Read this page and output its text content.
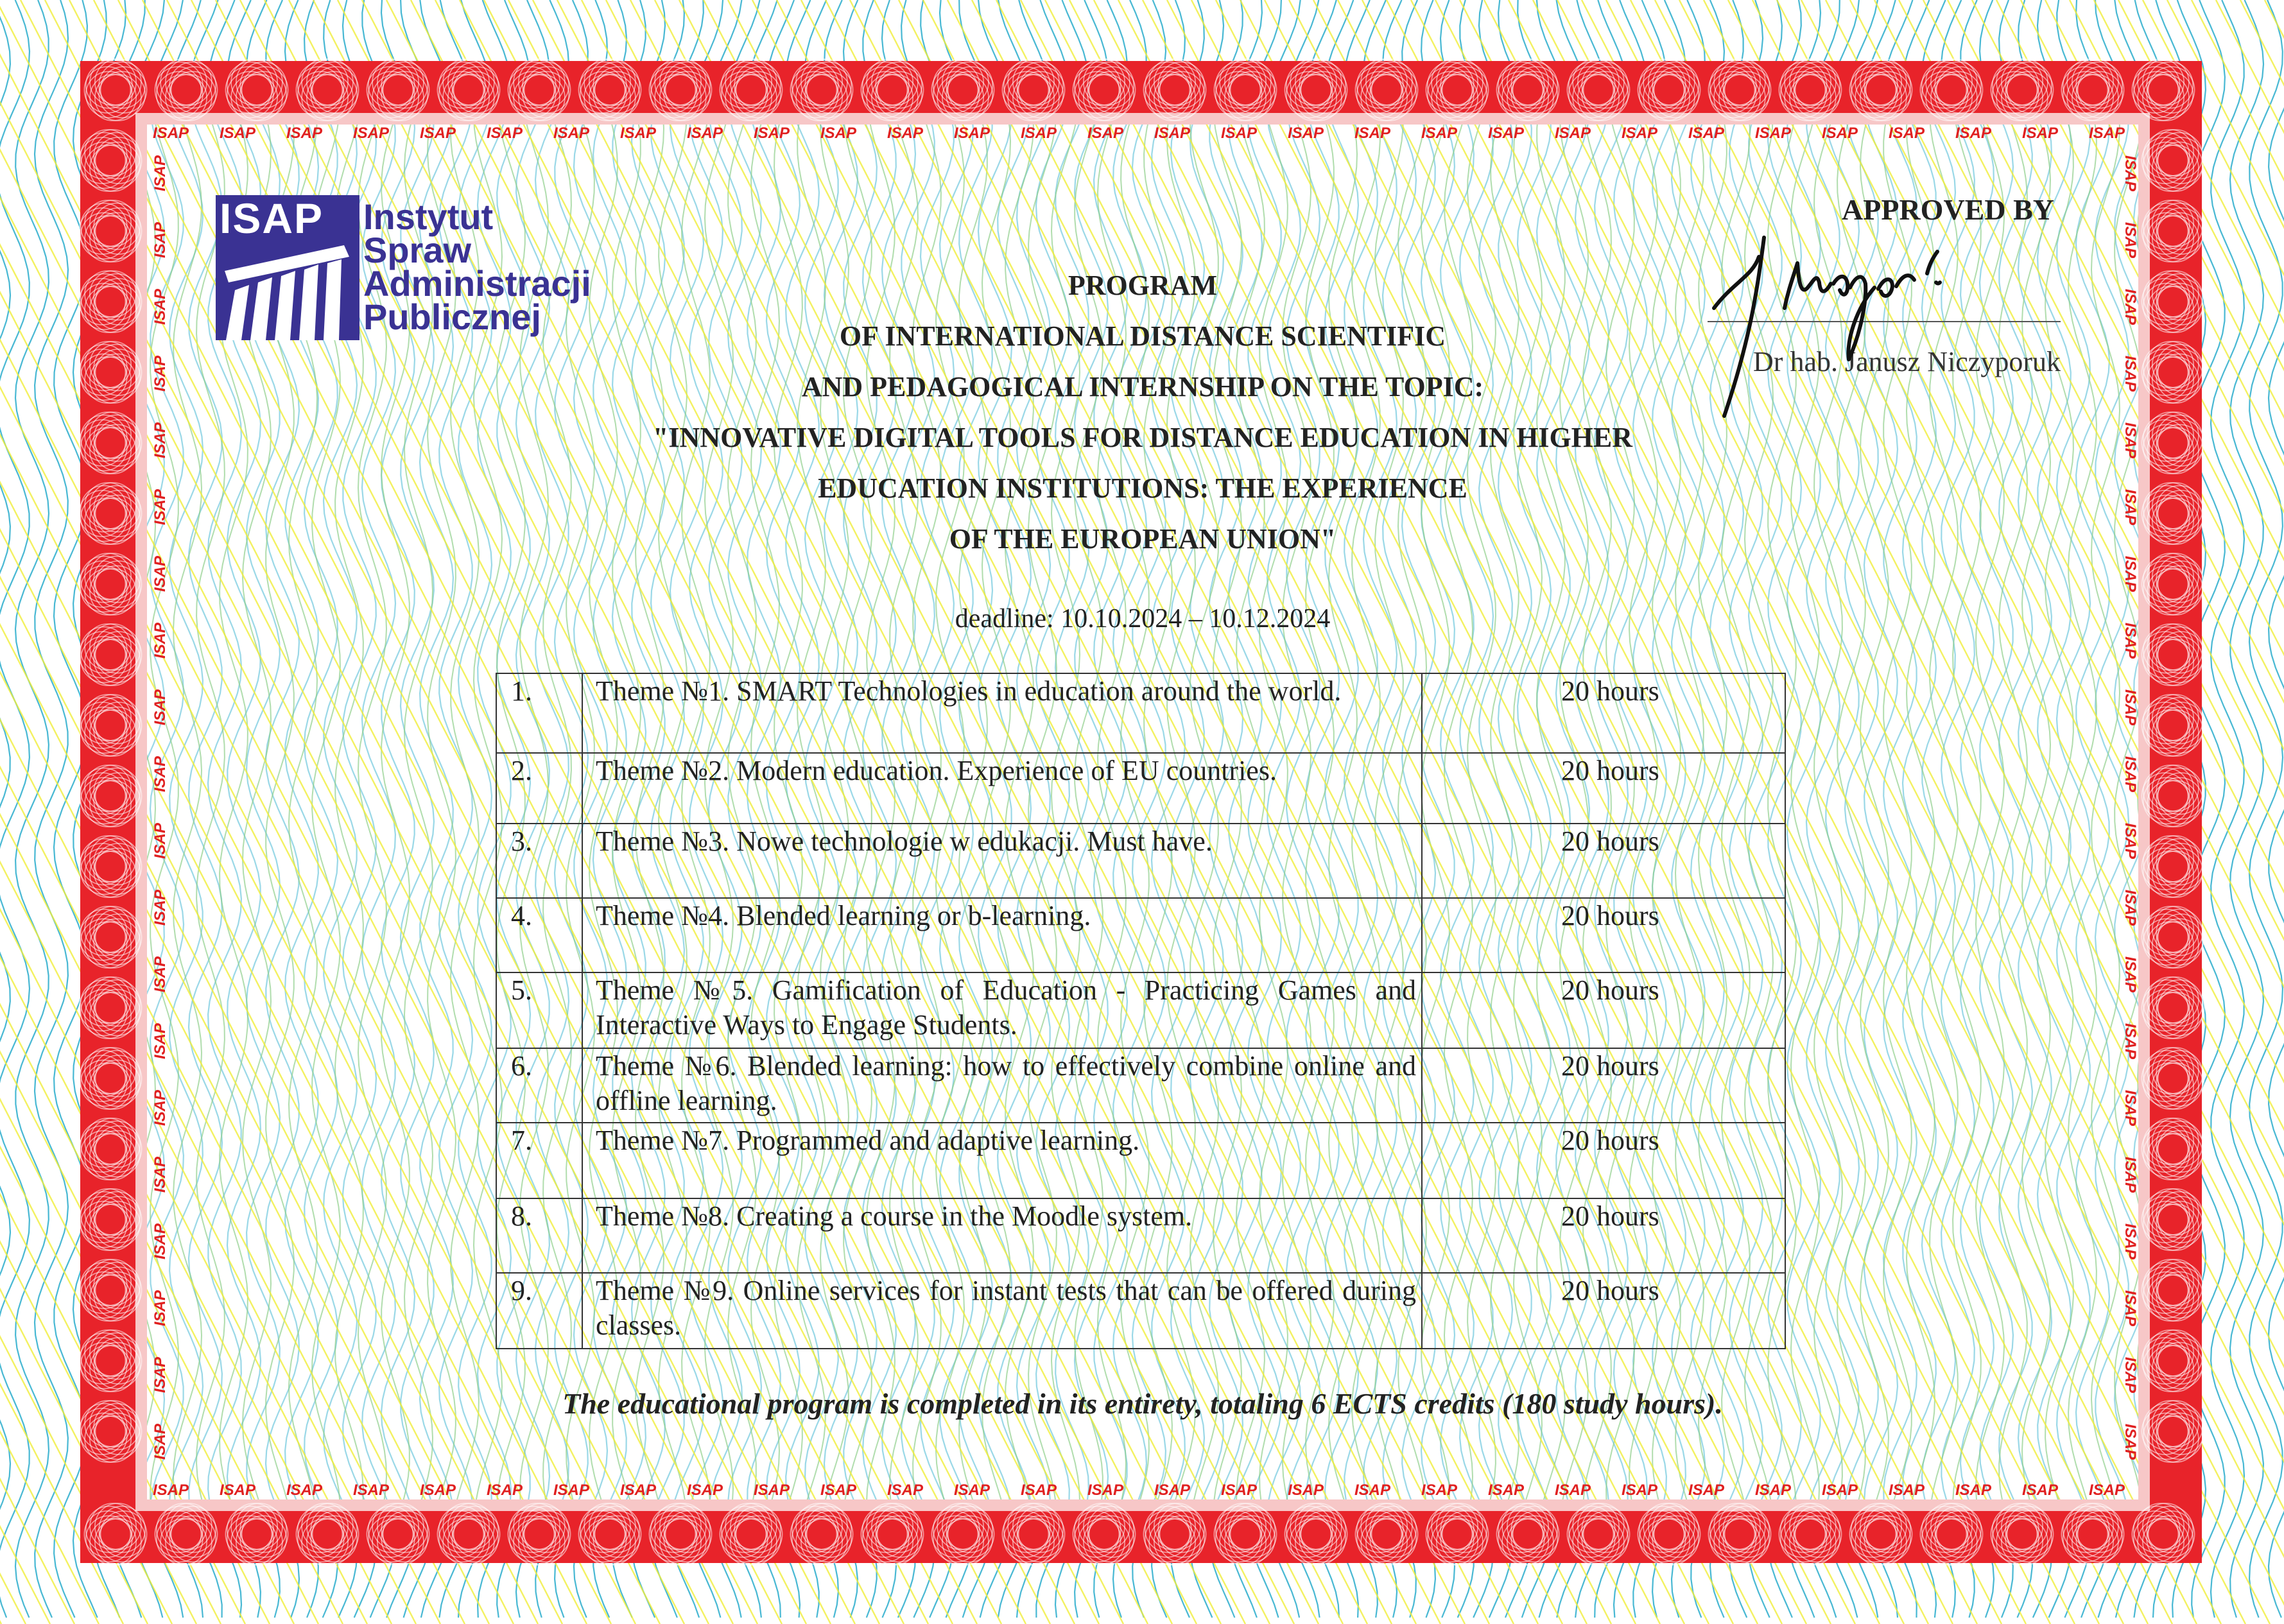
ISAP
ISAP
ISAP
ISAP
ISAP
ISAP
ISAP
ISAP
ISAP
ISAP
ISAP
ISAP
ISAP
ISAP
ISAP
ISAP
ISAP
ISAP
ISAP
ISAP
ISAP
ISAP
ISAP
ISAP
ISAP
ISAP
ISAP
ISAP
ISAP
ISAP
ISAP
ISAP
ISAP
ISAP
ISAP
ISAP
ISAP
ISAP
ISAP
ISAP
ISAP
ISAP
ISAP
ISAP
ISAP
ISAP
ISAP
ISAP
ISAP
ISAP
ISAP
ISAP
ISAP
ISAP
ISAP
ISAP
ISAP
ISAP
ISAP
ISAP
ISAP	ISAP
ISAP	ISAP
ISAP	ISAP
ISAP	ISAP
ISAP	ISAP
ISAP	ISAP
ISAP	ISAP
ISAP	ISAP
ISAP	ISAP
ISAP	ISAP
ISAP	ISAP
ISAP	ISAP
ISAP	ISAP
ISAP	ISAP
ISAP	ISAP
ISAP	ISAP
ISAP	ISAP
ISAP	ISAP
ISAP	ISAP
ISAP	ISAP
ISAP	Instytut
Spraw
Administracji
Publicznej
PROGRAM
OF INTERNATIONAL DISTANCE SCIENTIFIC
AND PEDAGOGICAL INTERNSHIP ON THE TOPIC:
"INNOVATIVE DIGITAL TOOLS FOR DISTANCE EDUCATION IN HIGHER
EDUCATION INSTITUTIONS: THE EXPERIENCE
OF THE EUROPEAN UNION"
deadline: 10.10.2024 – 10.12.2024
APPROVED BY
Dr hab. Janusz Niczyporuk
1.	Theme №1. SMART Technologies in education around the world.	20 hours
2.	Theme №2. Modern education. Experience of EU countries.	20 hours
3.	Theme №3. Nowe technologie w edukacji. Must have.	20 hours
4.	Theme №4. Blended learning or b-learning.	20 hours
5.	Theme №5. Gamification of Education - Practicing Games and Interactive Ways to Engage Students.	20 hours
6.	Theme №6. Blended learning: how to effectively combine online and offline learning.	20 hours
7.	Theme №7. Programmed and adaptive learning.	20 hours
8.	Theme №8. Creating a course in the Moodle system.	20 hours
9.	Theme №9. Online services for instant tests that can be offered during classes.	20 hours
The educational program is completed in its entirety, totaling 6 ECTS credits (180 study hours).
